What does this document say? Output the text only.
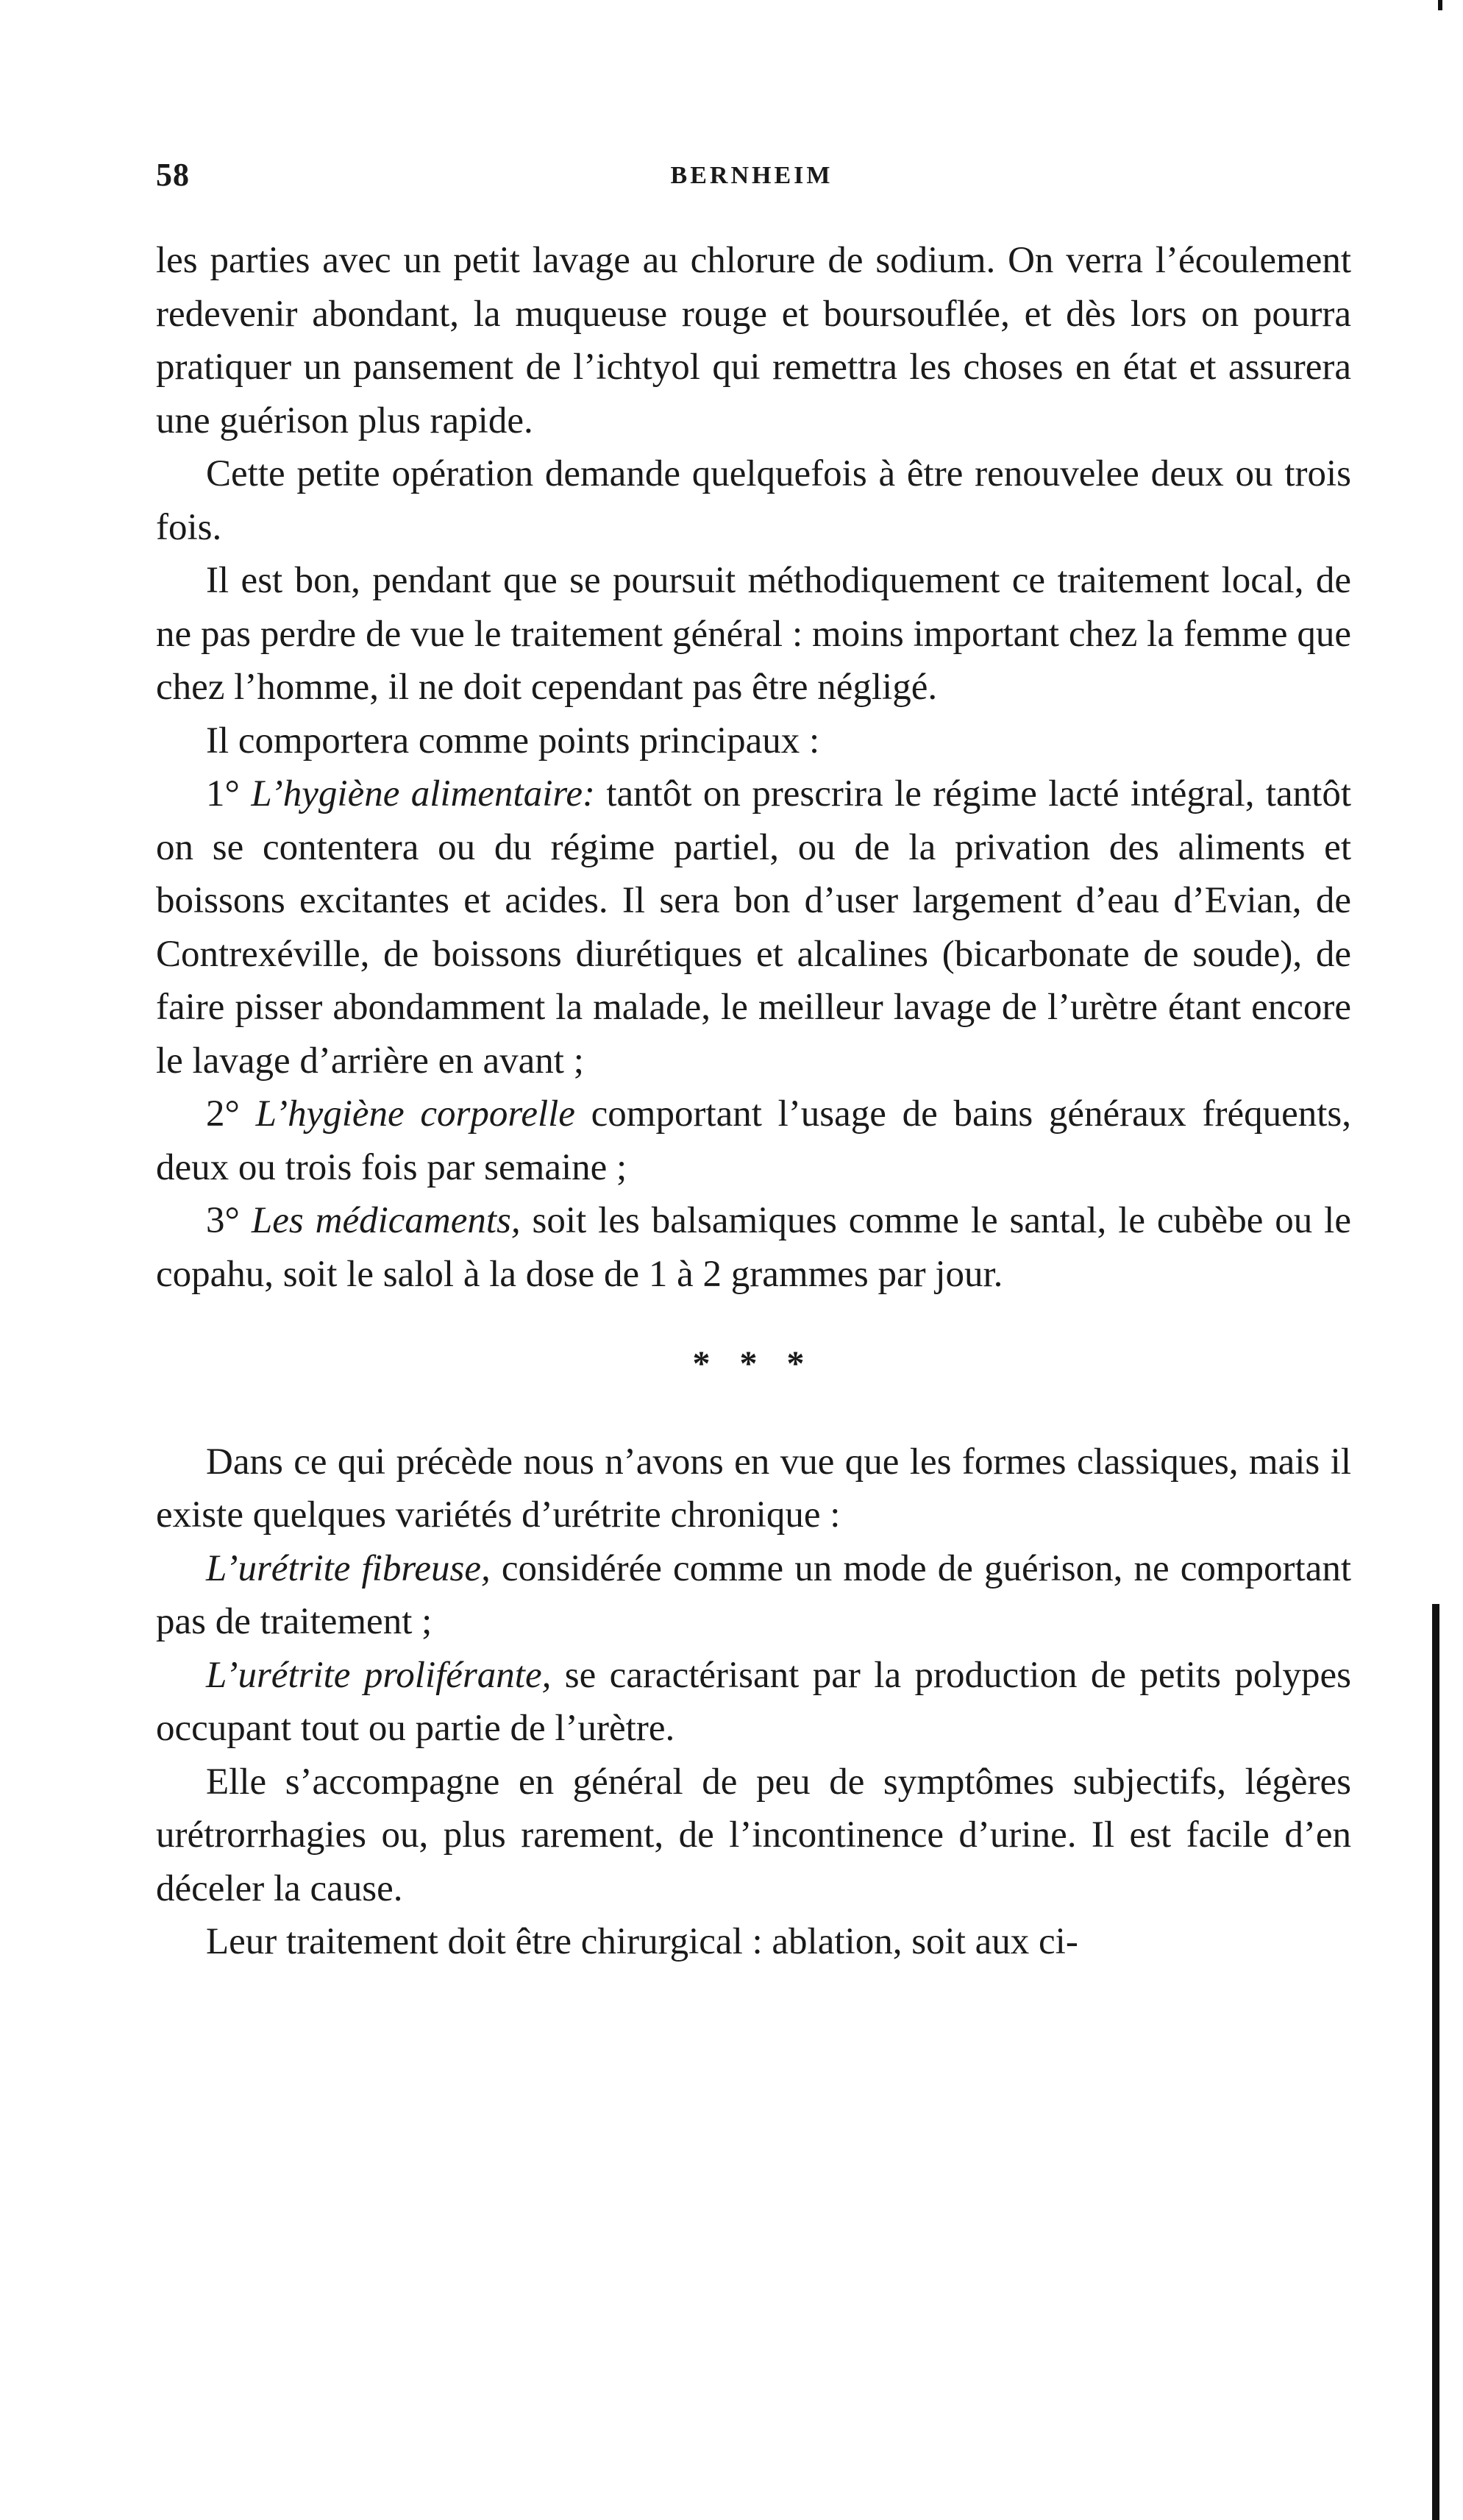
58	BERNHEIM

les parties avec un petit lavage au chlorure de sodium. On verra l’écoulement redevenir abondant, la muqueuse rouge et boursouflée, et dès lors on pourra pratiquer un pansement de l’ichtyol qui remettra les choses en état et assurera une guérison plus rapide.

Cette petite opération demande quelquefois à être renouvelee deux ou trois fois.

Il est bon, pendant que se poursuit méthodiquement ce traitement local, de ne pas perdre de vue le traitement général : moins important chez la femme que chez l’homme, il ne doit cependant pas être négligé.

Il comportera comme points principaux :

1° L’hygiène alimentaire: tantôt on prescrira le régime lacté intégral, tantôt on se contentera ou du régime partiel, ou de la privation des aliments et boissons excitantes et acides. Il sera bon d’user largement d’eau d’Evian, de Contrexéville, de boissons diurétiques et alcalines (bicarbonate de soude), de faire pisser abondamment la malade, le meilleur lavage de l’urètre étant encore le lavage d’arrière en avant ;

2° L’hygiène corporelle comportant l’usage de bains généraux fréquents, deux ou trois fois par semaine ;

3° Les médicaments, soit les balsamiques comme le santal, le cubèbe ou le copahu, soit le salol à la dose de 1 à 2 grammes par jour.

* * *

Dans ce qui précède nous n’avons en vue que les formes classiques, mais il existe quelques variétés d’urétrite chronique :

L’urétrite fibreuse, considérée comme un mode de guérison, ne comportant pas de traitement ;

L’urétrite proliférante, se caractérisant par la production de petits polypes occupant tout ou partie de l’urètre.

Elle s’accompagne en général de peu de symptômes subjectifs, légères urétrorrhagies ou, plus rarement, de l’incontinence d’urine. Il est facile d’en déceler la cause.

Leur traitement doit être chirurgical : ablation, soit aux ci-
